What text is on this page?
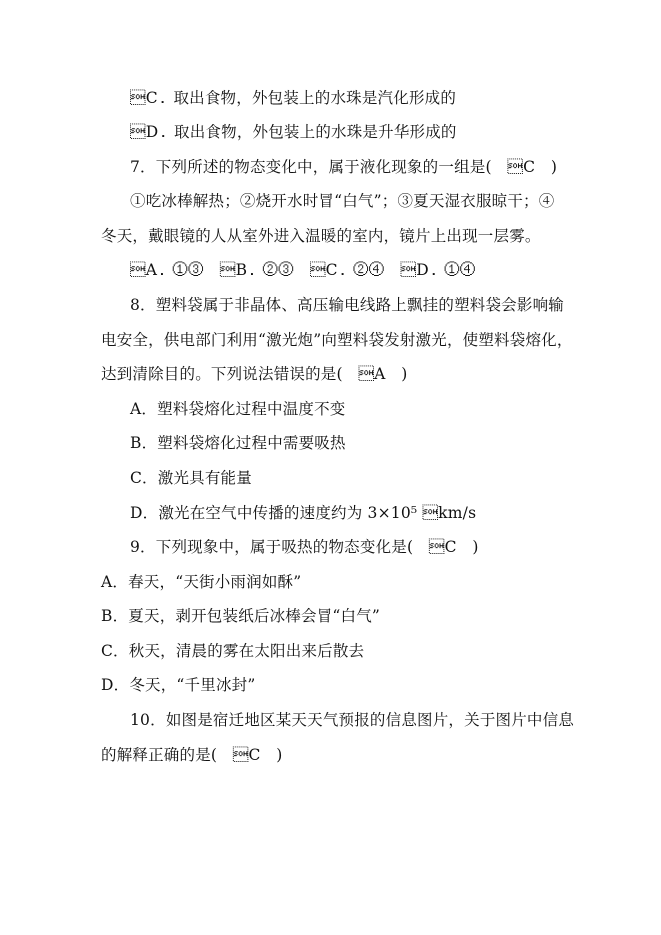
C．取出食物，外包装上的水珠是汽化形成的
D．取出食物，外包装上的水珠是升华形成的
7．下列所述的物态变化中，属于液化现象的一组是(　C　)
①吃冰棒解热；②烧开水时冒“白气”；③夏天湿衣服晾干；④
冬天，戴眼镜的人从室外进入温暖的室内，镜片上出现一层雾。
A．①③　B．②③　C．②④　D．①④
8．塑料袋属于非晶体、高压输电线路上飘挂的塑料袋会影响输
电安全，供电部门利用“激光炮”向塑料袋发射激光，使塑料袋熔化，
达到清除目的。下列说法错误的是(　A　)
A．塑料袋熔化过程中温度不变
B．塑料袋熔化过程中需要吸热
C．激光具有能量
D．激光在空气中传播的速度约为 3×10⁵ km/s
9．下列现象中，属于吸热的物态变化是(　C　)
A．春天，“天街小雨润如酥”
B．夏天，剥开包装纸后冰棒会冒“白气”
C．秋天，清晨的雾在太阳出来后散去
D．冬天，“千里冰封”
10．如图是宿迁地区某天天气预报的信息图片，关于图片中信息
的解释正确的是(　C　)
